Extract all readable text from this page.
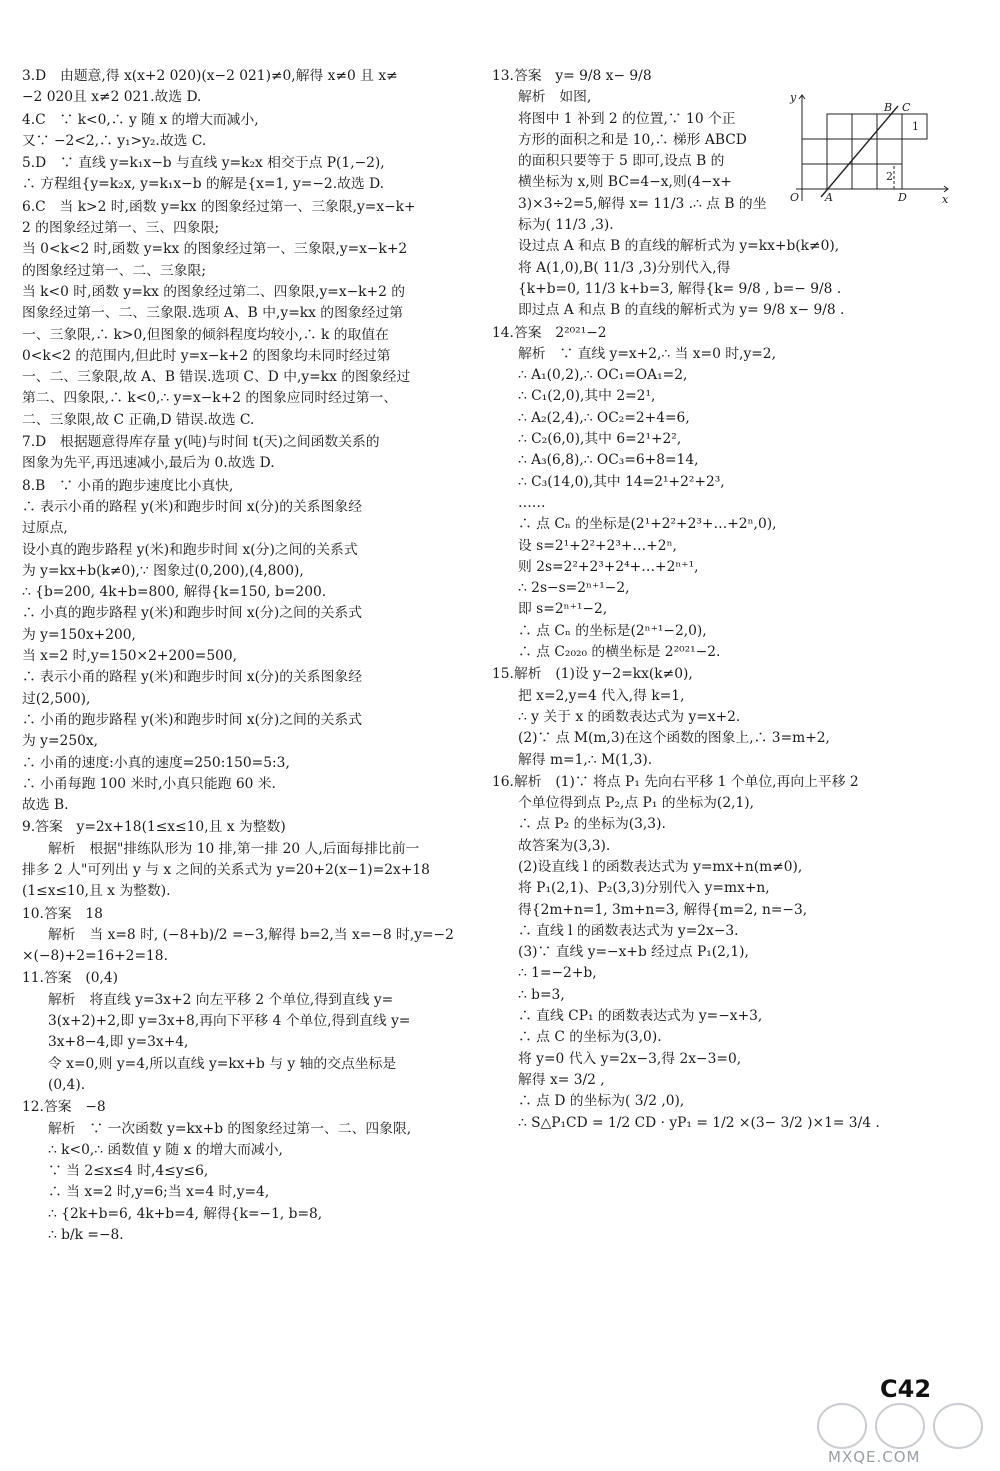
3.D　由题意,得 x(x+2 020)(x−2 021)≠0,解得 x≠0 且 x≠

−2 020且 x≠2 021.故选 D.

4.C　∵ k<0,∴ y 随 x 的增大而减小,

又∵ −2<2,∴ y₁>y₂.故选 C.

5.D　∵ 直线 y=k₁x−b 与直线 y=k₂x 相交于点 P(1,−2),

∴ 方程组{y=k₂x, y=k₁x−b 的解是{x=1, y=−2.故选 D.

6.C　当 k>2 时,函数 y=kx 的图象经过第一、三象限,y=x−k+

2 的图象经过第一、三、四象限;

当 0<k<2 时,函数 y=kx 的图象经过第一、三象限,y=x−k+2

的图象经过第一、二、三象限;

当 k<0 时,函数 y=kx 的图象经过第二、四象限,y=x−k+2 的

图象经过第一、二、三象限.选项 A、B 中,y=kx 的图象经过第

一、三象限,∴ k>0,但图象的倾斜程度均较小,∴ k 的取值在

0<k<2 的范围内,但此时 y=x−k+2 的图象均未同时经过第

一、二、三象限,故 A、B 错误.选项 C、D 中,y=kx 的图象经过

第二、四象限,∴ k<0,∴ y=x−k+2 的图象应同时经过第一、

二、三象限,故 C 正确,D 错误.故选 C.

7.D　根据题意得库存量 y(吨)与时间 t(天)之间函数关系的

图象为先平,再迅速减小,最后为 0.故选 D.

8.B　∵ 小甬的跑步速度比小真快,

∴ 表示小甬的路程 y(米)和跑步时间 x(分)的关系图象经

过原点,

设小真的跑步路程 y(米)和跑步时间 x(分)之间的关系式

为 y=kx+b(k≠0),∵ 图象过(0,200),(4,800),

∴ {b=200, 4k+b=800, 解得{k=150, b=200.

∴ 小真的跑步路程 y(米)和跑步时间 x(分)之间的关系式

为 y=150x+200,

当 x=2 时,y=150×2+200=500,

∴ 表示小甬的路程 y(米)和跑步时间 x(分)的关系图象经

过(2,500),

∴ 小甬的跑步路程 y(米)和跑步时间 x(分)之间的关系式

为 y=250x,

∴ 小甬的速度:小真的速度=250:150=5:3,

∴ 小甬每跑 100 米时,小真只能跑 60 米.

故选 B.

9.答案　y=2x+18(1≤x≤10,且 x 为整数)

解析　根据"排练队形为 10 排,第一排 20 人,后面每排比前一

排多 2 人"可列出 y 与 x 之间的关系式为 y=20+2(x−1)=2x+18

(1≤x≤10,且 x 为整数).

10.答案　18

解析　当 x=8 时, (−8+b)/2 =−3,解得 b=2,当 x=−8 时,y=−2

×(−8)+2=16+2=18.

11.答案　(0,4)

解析　将直线 y=3x+2 向左平移 2 个单位,得到直线 y=

3(x+2)+2,即 y=3x+8,再向下平移 4 个单位,得到直线 y=

3x+8−4,即 y=3x+4,

令 x=0,则 y=4,所以直线 y=kx+b 与 y 轴的交点坐标是

(0,4).

12.答案　−8

解析　∵ 一次函数 y=kx+b 的图象经过第一、二、四象限,

∴ k<0,∴ 函数值 y 随 x 的增大而减小,

∵ 当 2≤x≤4 时,4≤y≤6,

∴ 当 x=2 时,y=6;当 x=4 时,y=4,

∴ {2k+b=6, 4k+b=4, 解得{k=−1, b=8,

∴ b/k =−8.

13.答案　y= 9/8 x− 9/8

y
x
O A	D
B C
1
2

解析　如图,

将图中 1 补到 2 的位置,∵ 10 个正

方形的面积之和是 10,∴ 梯形 ABCD

的面积只要等于 5 即可,设点 B 的

横坐标为 x,则 BC=4−x,则(4−x+

3)×3÷2=5,解得 x= 11/3 .∴ 点 B 的坐标为( 11/3 ,3).

设过点 A 和点 B 的直线的解析式为 y=kx+b(k≠0),

将 A(1,0),B( 11/3 ,3)分别代入,得

{k+b=0, 11/3 k+b=3, 解得{k= 9/8 , b=− 9/8 .

即过点 A 和点 B 的直线的解析式为 y= 9/8 x− 9/8 .

14.答案　2²⁰²¹−2

解析　∵ 直线 y=x+2,∴ 当 x=0 时,y=2,

∴ A₁(0,2),∴ OC₁=OA₁=2,

∴ C₁(2,0),其中 2=2¹,

∴ A₂(2,4),∴ OC₂=2+4=6,

∴ C₂(6,0),其中 6=2¹+2²,

∴ A₃(6,8),∴ OC₃=6+8=14,

∴ C₃(14,0),其中 14=2¹+2²+2³,

……

∴ 点 Cₙ 的坐标是(2¹+2²+2³+…+2ⁿ,0),

设 s=2¹+2²+2³+…+2ⁿ,

则 2s=2²+2³+2⁴+…+2ⁿ⁺¹,

∴ 2s−s=2ⁿ⁺¹−2,

即 s=2ⁿ⁺¹−2,

∴ 点 Cₙ 的坐标是(2ⁿ⁺¹−2,0),

∴ 点 C₂₀₂₀ 的横坐标是 2²⁰²¹−2.

15.解析　(1)设 y−2=kx(k≠0),

把 x=2,y=4 代入,得 k=1,

∴ y 关于 x 的函数表达式为 y=x+2.

(2)∵ 点 M(m,3)在这个函数的图象上,∴ 3=m+2,

解得 m=1,∴ M(1,3).

16.解析　(1)∵ 将点 P₁ 先向右平移 1 个单位,再向上平移 2

个单位得到点 P₂,点 P₁ 的坐标为(2,1),

∴ 点 P₂ 的坐标为(3,3).

故答案为(3,3).

(2)设直线 l 的函数表达式为 y=mx+n(m≠0),

将 P₁(2,1)、P₂(3,3)分别代入 y=mx+n,

得{2m+n=1, 3m+n=3, 解得{m=2, n=−3,

∴ 直线 l 的函数表达式为 y=2x−3.

(3)∵ 直线 y=−x+b 经过点 P₁(2,1),

∴ 1=−2+b,

∴ b=3,

∴ 直线 CP₁ 的函数表达式为 y=−x+3,

∴ 点 C 的坐标为(3,0).

将 y=0 代入 y=2x−3,得 2x−3=0,

解得 x= 3/2 ,

∴ 点 D 的坐标为( 3/2 ,0),

∴ S△P₁CD = 1/2 CD · yP₁ = 1/2 ×(3− 3/2 )×1= 3/4 .

C42
MXQE.COM
